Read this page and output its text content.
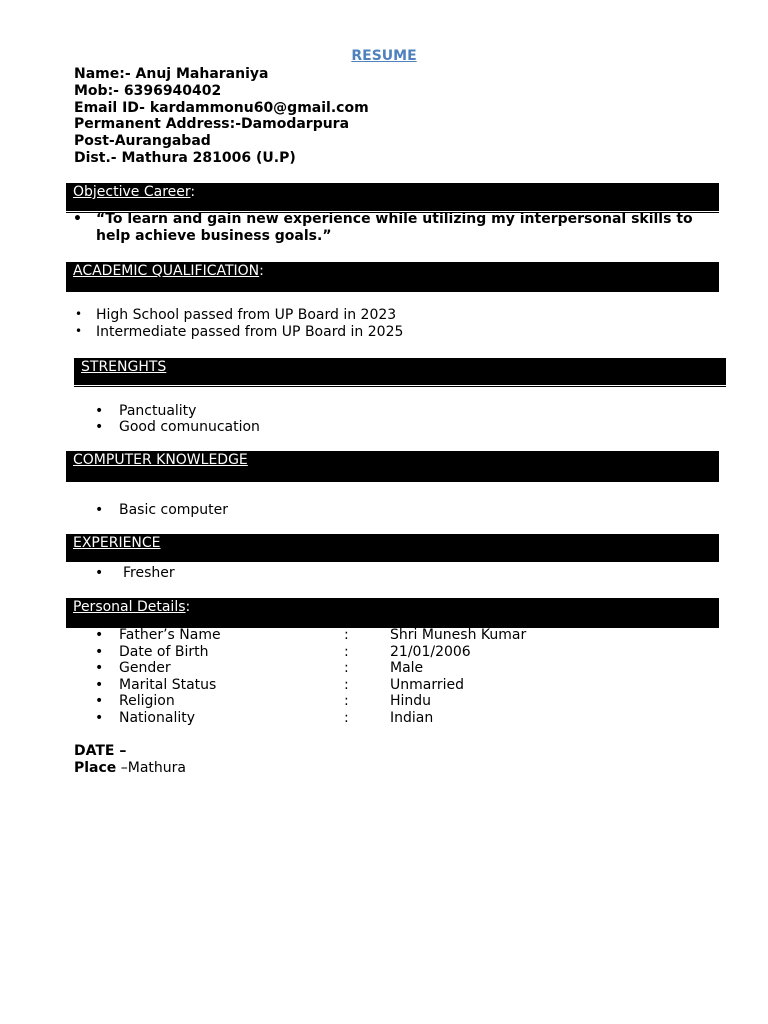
RESUME
Name:- Anuj Maharaniya
Mob:- 6396940402
Email ID- kardammonu60@gmail.com
Permanent Address:-Damodarpura
Post-Aurangabad
Dist.- Mathura 281006 (U.P)
Objective Career:
• “To learn and gain new experience while utilizing my interpersonal skills to help achieve business goals.”
ACADEMIC QUALIFICATION:
• High School passed from UP Board in 2023
• Intermediate passed from UP Board in 2025
STRENGHTS
• Panctuality
• Good comunucation
COMPUTER KNOWLEDGE
• Basic computer
EXPERIENCE
• Fresher
Personal Details:
• Father’s Name	:	Shri Munesh Kumar
• Date of Birth	:	21/01/2006
• Gender	:	Male
• Marital Status	:	Unmarried
• Religion	:	Hindu
• Nationality	:	Indian
DATE –
Place –Mathura
